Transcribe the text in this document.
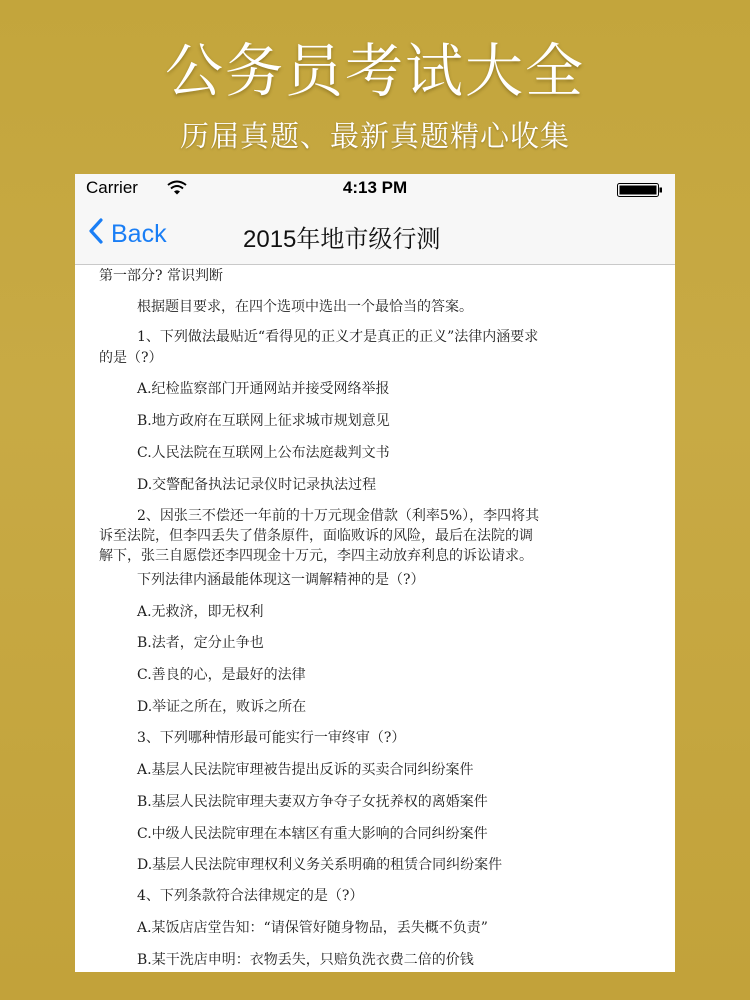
公务员考试大全
历届真题、最新真题精心收集
Carrier	4:13 PM
Back	2015年地市级行测
第一部分? 常识判断
根据题目要求，在四个选项中选出一个最恰当的答案。
1、下列做法最贴近“看得见的正义才是真正的正义”法律内涵要求
的是（?）
A.纪检监察部门开通网站并接受网络举报
B.地方政府在互联网上征求城市规划意见
C.人民法院在互联网上公布法庭裁判文书
D.交警配备执法记录仪时记录执法过程
2、因张三不偿还一年前的十万元现金借款（利率5%），李四将其
诉至法院，但李四丢失了借条原件，面临败诉的风险，最后在法院的调
解下，张三自愿偿还李四现金十万元，李四主动放弃利息的诉讼请求。
下列法律内涵最能体现这一调解精神的是（?）
A.无救济，即无权利
B.法者，定分止争也
C.善良的心，是最好的法律
D.举证之所在，败诉之所在
3、下列哪种情形最可能实行一审终审（?）
A.基层人民法院审理被告提出反诉的买卖合同纠纷案件
B.基层人民法院审理夫妻双方争夺子女抚养权的离婚案件
C.中级人民法院审理在本辖区有重大影响的合同纠纷案件
D.基层人民法院审理权利义务关系明确的租赁合同纠纷案件
4、下列条款符合法律规定的是（?）
A.某饭店店堂告知：“请保管好随身物品，丢失概不负责”
B.某干洗店申明：衣物丢失，只赔负洗衣费二倍的价钱
